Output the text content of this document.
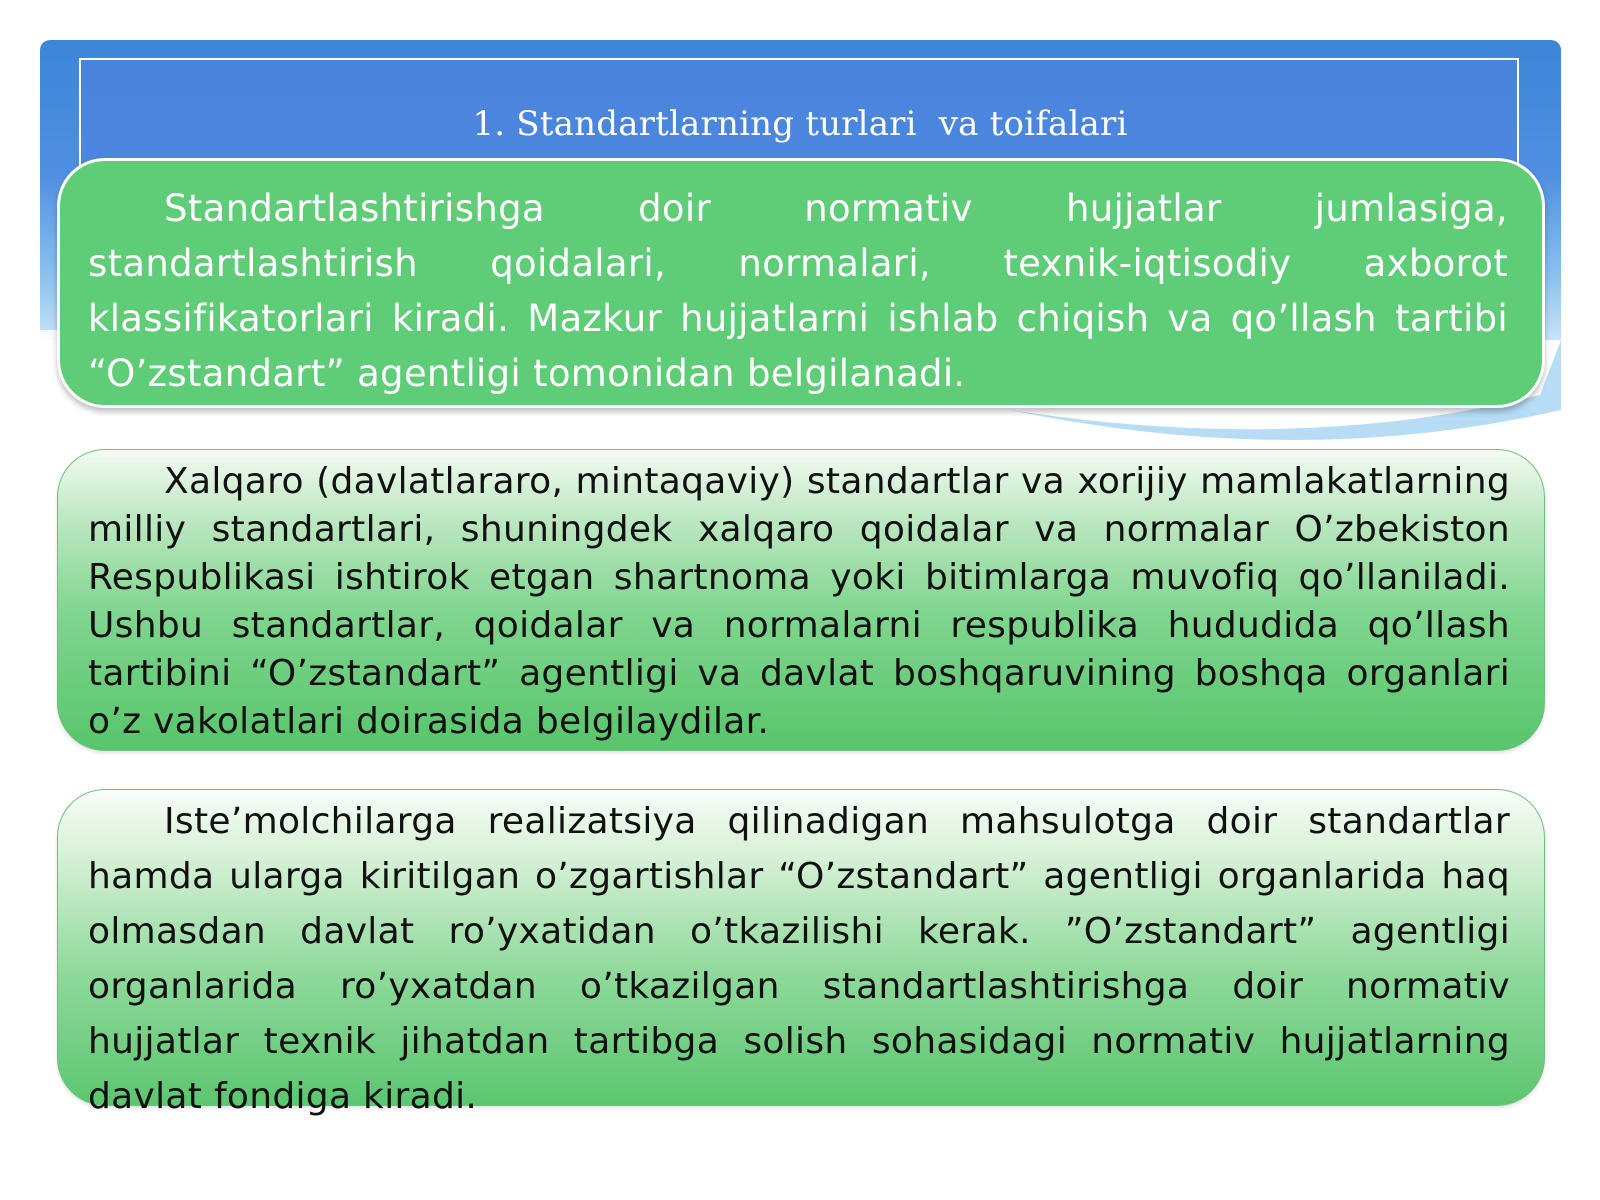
1. Standartlarning turlari  va toifalari

Standartlashtirishga doir normativ hujjatlar jumlasiga, standartlashtirish qoidalari, normalari, texnik-iqtisodiy axborot klassifikatorlari kiradi. Mazkur hujjatlarni ishlab chiqish va qo’llash tartibi “O’zstandart” agentligi tomonidan belgilanadi.

Xalqaro (davlatlararo, mintaqaviy) standartlar va xorijiy mamlakatlarning milliy standartlari, shuningdek xalqaro qoidalar va normalar O’zbekiston Respublikasi ishtirok etgan shartnoma yoki bitimlarga muvofiq qo’llaniladi. Ushbu standartlar, qoidalar va normalarni respublika hududida qo’llash tartibini “O’zstandart” agentligi va davlat boshqaruvining boshqa organlari o’z vakolatlari doirasida belgilaydilar.

Iste’molchilarga realizatsiya qilinadigan mahsulotga doir standartlar hamda ularga kiritilgan o’zgartishlar “O’zstandart” agentligi organlarida haq olmasdan davlat ro’yxatidan o’tkazilishi kerak. ”O’zstandart” agentligi organlarida ro’yxatdan o’tkazilgan standartlashtirishga doir normativ hujjatlar texnik jihatdan tartibga solish sohasidagi normativ hujjatlarning davlat fondiga kiradi.
